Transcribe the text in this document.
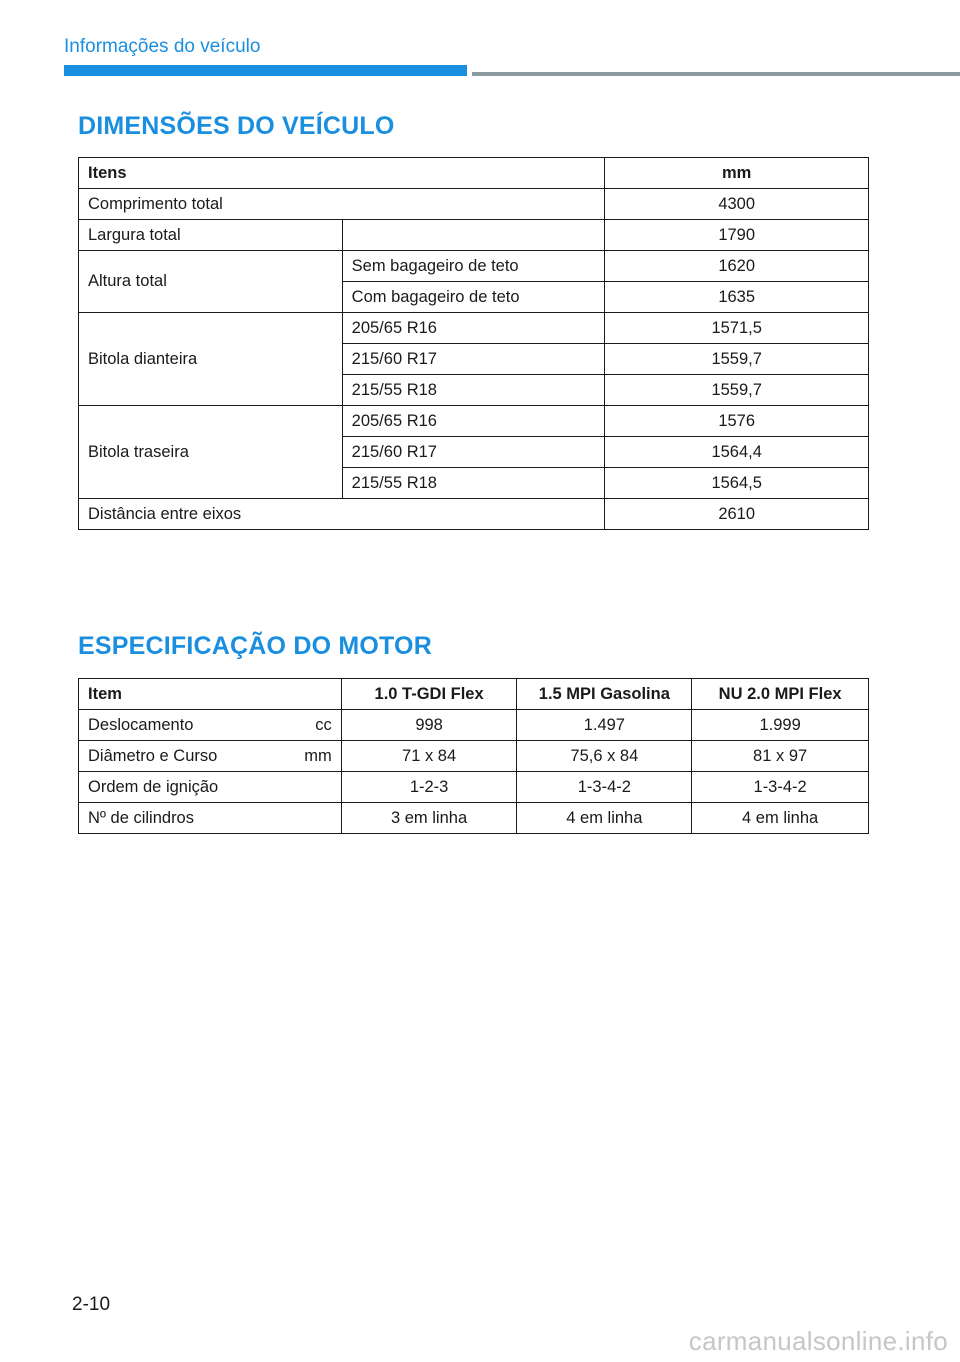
Informações do veículo
DIMENSÕES DO VEÍCULO
Itens		mm
Comprimento total		4300
Largura total		1790
Altura total	Sem bagageiro de teto	1620
	Com bagageiro de teto	1635
Bitola dianteira	205/65 R16	1571,5
	215/60 R17	1559,7
	215/55 R18	1559,7
Bitola traseira	205/65 R16	1576
	215/60 R17	1564,4
	215/55 R18	1564,5
Distância entre eixos		2610
ESPECIFICAÇÃO DO MOTOR
Item	1.0 T-GDI Flex	1.5 MPI Gasolina	NU 2.0 MPI Flex

Deslocamento cc	998	1.497	1.999

Diâmetro e Curso mm	71 x 84	75,6 x 84	81 x 97
Ordem de ignição	1-2-3	1-3-4-2	1-3-4-2
Nº de cilindros	3 em linha	4 em linha	4 em linha
2-10
carmanualsonline.info
